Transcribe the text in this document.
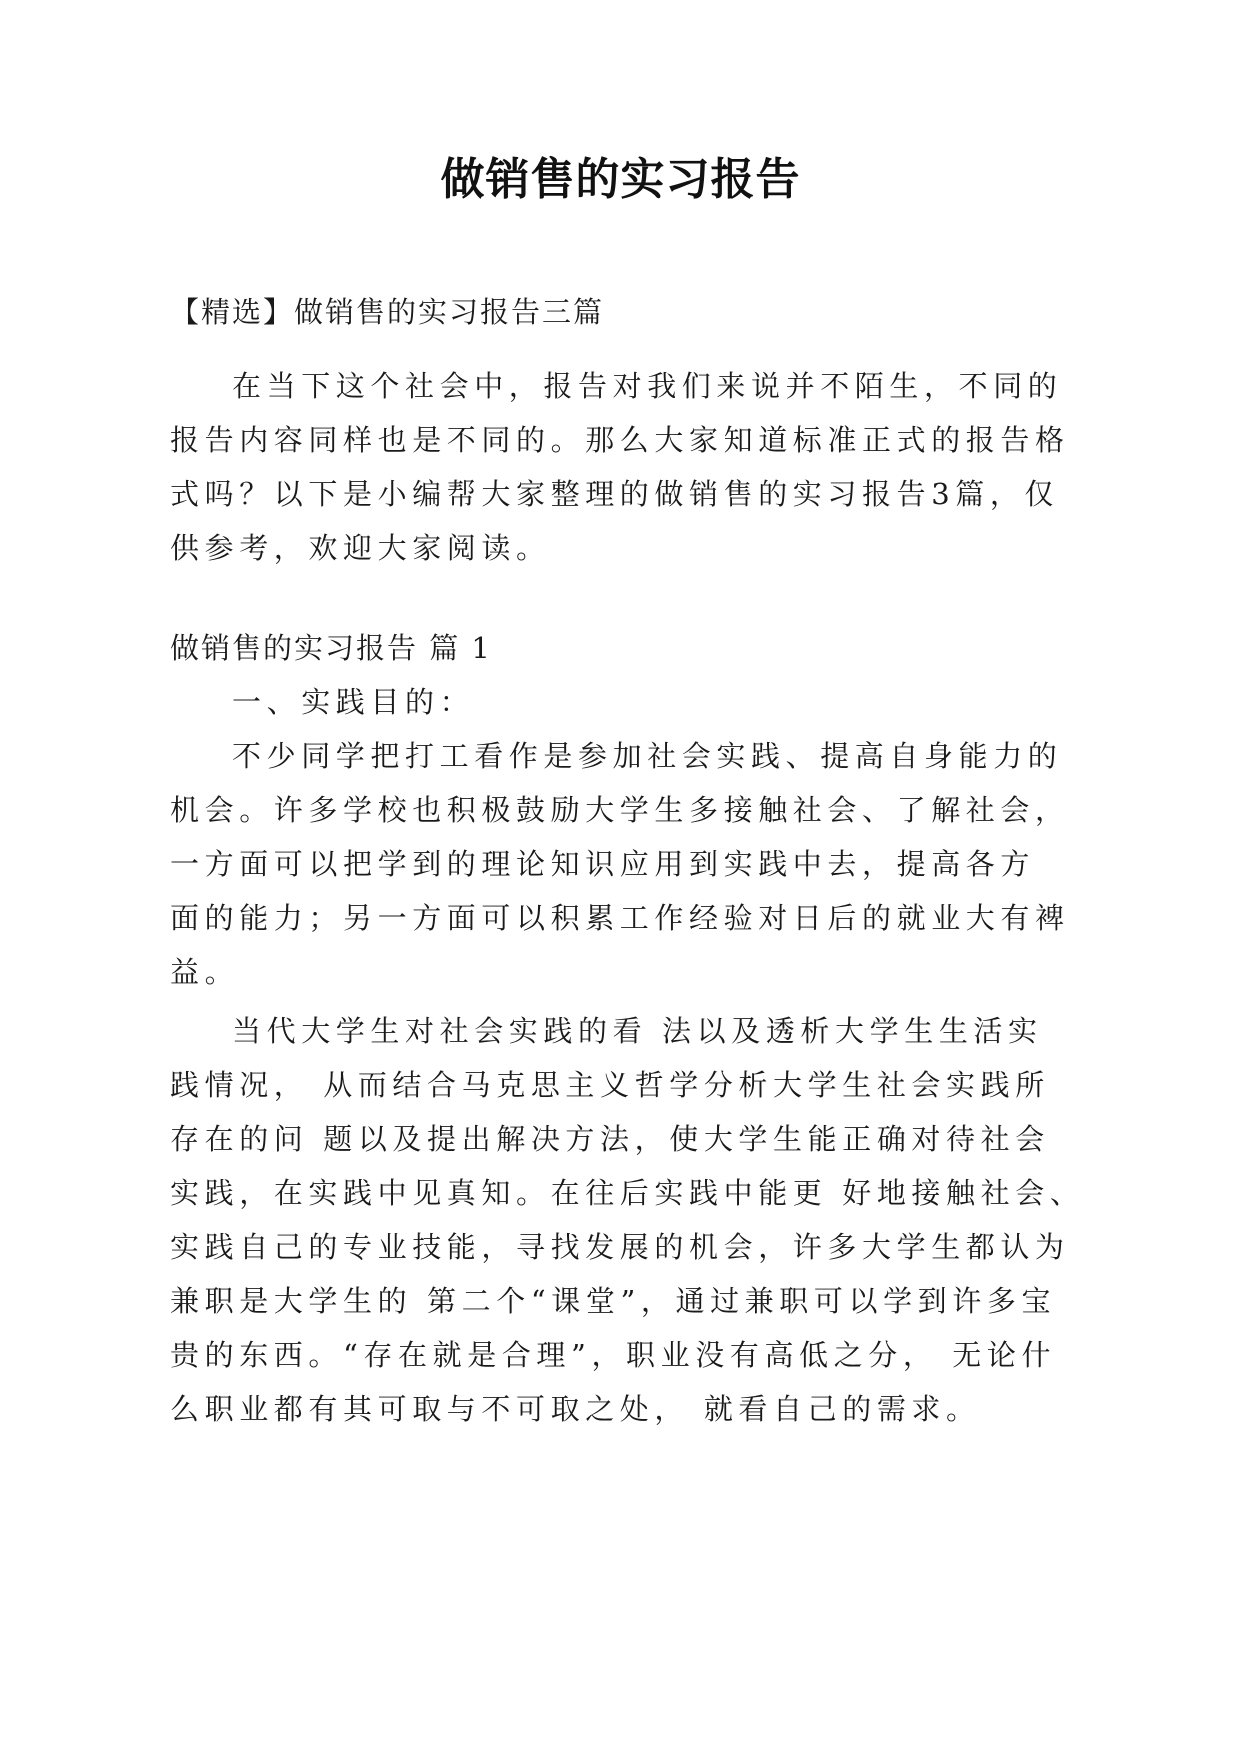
做销售的实习报告
【精选】做销售的实习报告三篇
在当下这个社会中，报告对我们来说并不陌生，不同的
报告内容同样也是不同的。那么大家知道标准正式的报告格
式吗？以下是小编帮大家整理的做销售的实习报告3篇，仅
供参考，欢迎大家阅读。
做销售的实习报告 篇 1
一、实践目的：
不少同学把打工看作是参加社会实践、提高自身能力的
机会。许多学校也积极鼓励大学生多接触社会、了解社会，
一方面可以把学到的理论知识应用到实践中去，提高各方
面的能力；另一方面可以积累工作经验对日后的就业大有裨
益。
当代大学生对社会实践的看 法以及透析大学生生活实
践情况， 从而结合马克思主义哲学分析大学生社会实践所
存在的问 题以及提出解决方法，使大学生能正确对待社会
实践，在实践中见真知。在往后实践中能更 好地接触社会、
实践自己的专业技能，寻找发展的机会，许多大学生都认为
兼职是大学生的 第二个“课堂”，通过兼职可以学到许多宝
贵的东西。“存在就是合理”，职业没有高低之分， 无论什
么职业都有其可取与不可取之处， 就看自己的需求。
